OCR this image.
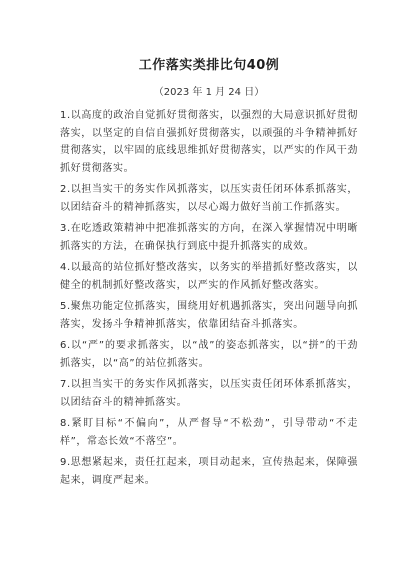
工作落实类排比句40例
（2023 年 1 月 24 日）

1.以高度的政治自觉抓好贯彻落实，以强烈的大局意识抓好贯彻落实，以坚定的自信自强抓好贯彻落实，以顽强的斗争精神抓好贯彻落实，以牢固的底线思维抓好贯彻落实，以严实的作风干劲抓好贯彻落实。

2.以担当实干的务实作风抓落实，以压实责任闭环体系抓落实，以团结奋斗的精神抓落实，以尽心竭力做好当前工作抓落实。

3.在吃透政策精神中把准抓落实的方向，在深入掌握情况中明晰抓落实的方法，在确保执行到底中提升抓落实的成效。

4.以最高的站位抓好整改落实，以务实的举措抓好整改落实，以健全的机制抓好整改落实，以严实的作风抓好整改落实。

5.聚焦功能定位抓落实，围绕用好机遇抓落实，突出问题导向抓落实，发扬斗争精神抓落实，依靠团结奋斗抓落实。

6.以“严”的要求抓落实，以“战”的姿态抓落实，以“拼”的干劲抓落实，以“高”的站位抓落实。

7.以担当实干的务实作风抓落实，以压实责任闭环体系抓落实，以团结奋斗的精神抓落实。

8.紧盯目标“不偏向”，从严督导“不松劲”，引导带动“不走样”，常态长效“不落空”。

9.思想紧起来，责任扛起来，项目动起来，宣传热起来，保障强起来，调度严起来。
